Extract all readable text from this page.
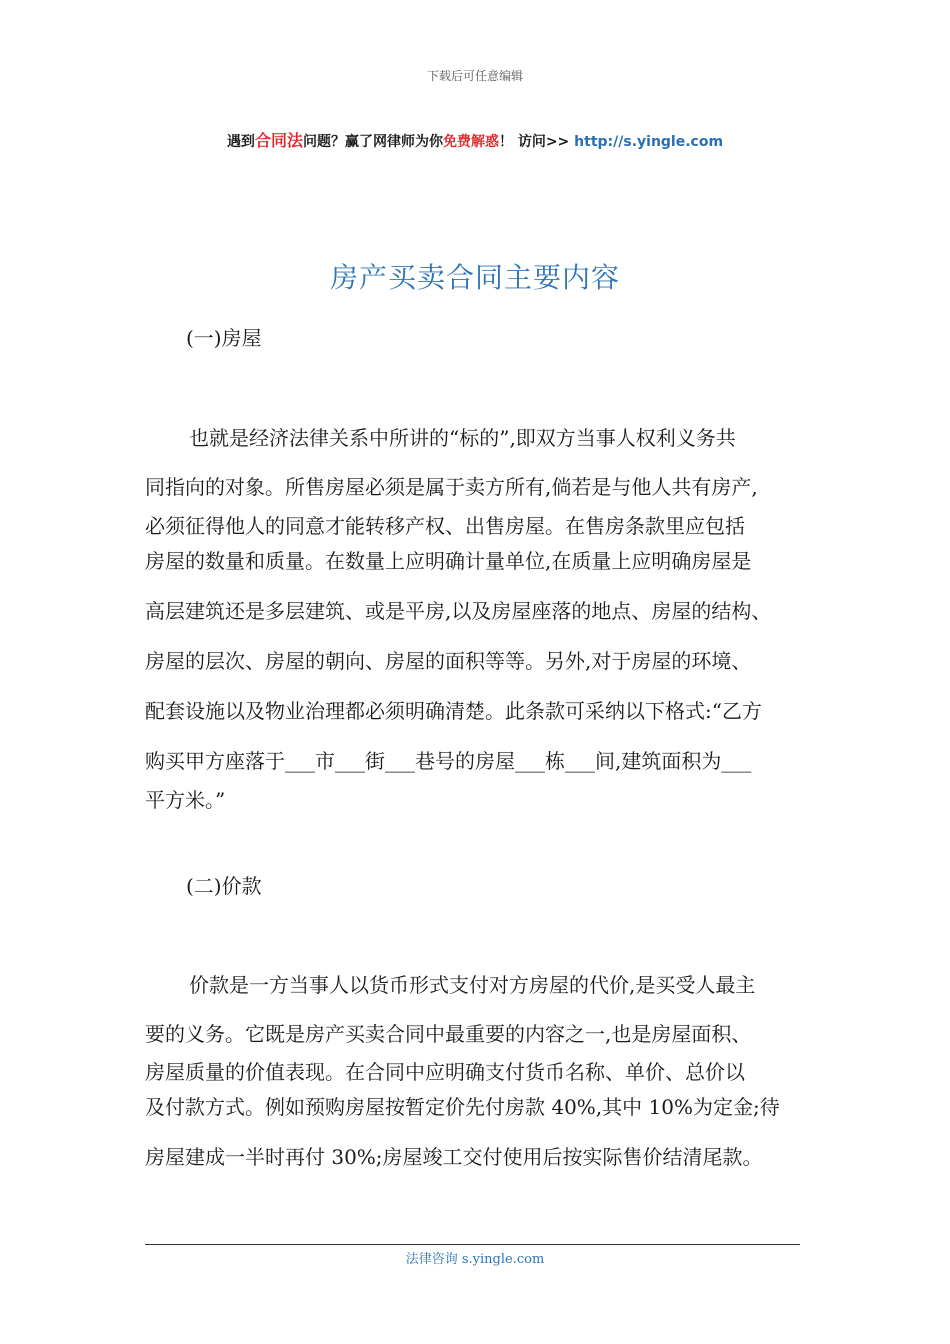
下载后可任意编辑
遇到合同法问题？赢了网律师为你免费解惑！ 访问>> http://s.yingle.com
房产买卖合同主要内容
(一)房屋
也就是经济法律关系中所讲的“标的”,即双方当事人权利义务共
同指向的对象。所售房屋必须是属于卖方所有,倘若是与他人共有房产,
必须征得他人的同意才能转移产权、出售房屋。在售房条款里应包括
房屋的数量和质量。在数量上应明确计量单位,在质量上应明确房屋是
高层建筑还是多层建筑、或是平房,以及房屋座落的地点、房屋的结构、
房屋的层次、房屋的朝向、房屋的面积等等。另外,对于房屋的环境、
配套设施以及物业治理都必须明确清楚。此条款可采纳以下格式:“乙方
购买甲方座落于___市___街___巷号的房屋___栋___间,建筑面积为___
平方米。”
(二)价款
价款是一方当事人以货币形式支付对方房屋的代价,是买受人最主
要的义务。它既是房产买卖合同中最重要的内容之一,也是房屋面积、
房屋质量的价值表现。在合同中应明确支付货币名称、单价、总价以
及付款方式。例如预购房屋按暂定价先付房款 40%,其中 10%为定金;待
房屋建成一半时再付 30%;房屋竣工交付使用后按实际售价结清尾款。
法律咨询 s.yingle.com
